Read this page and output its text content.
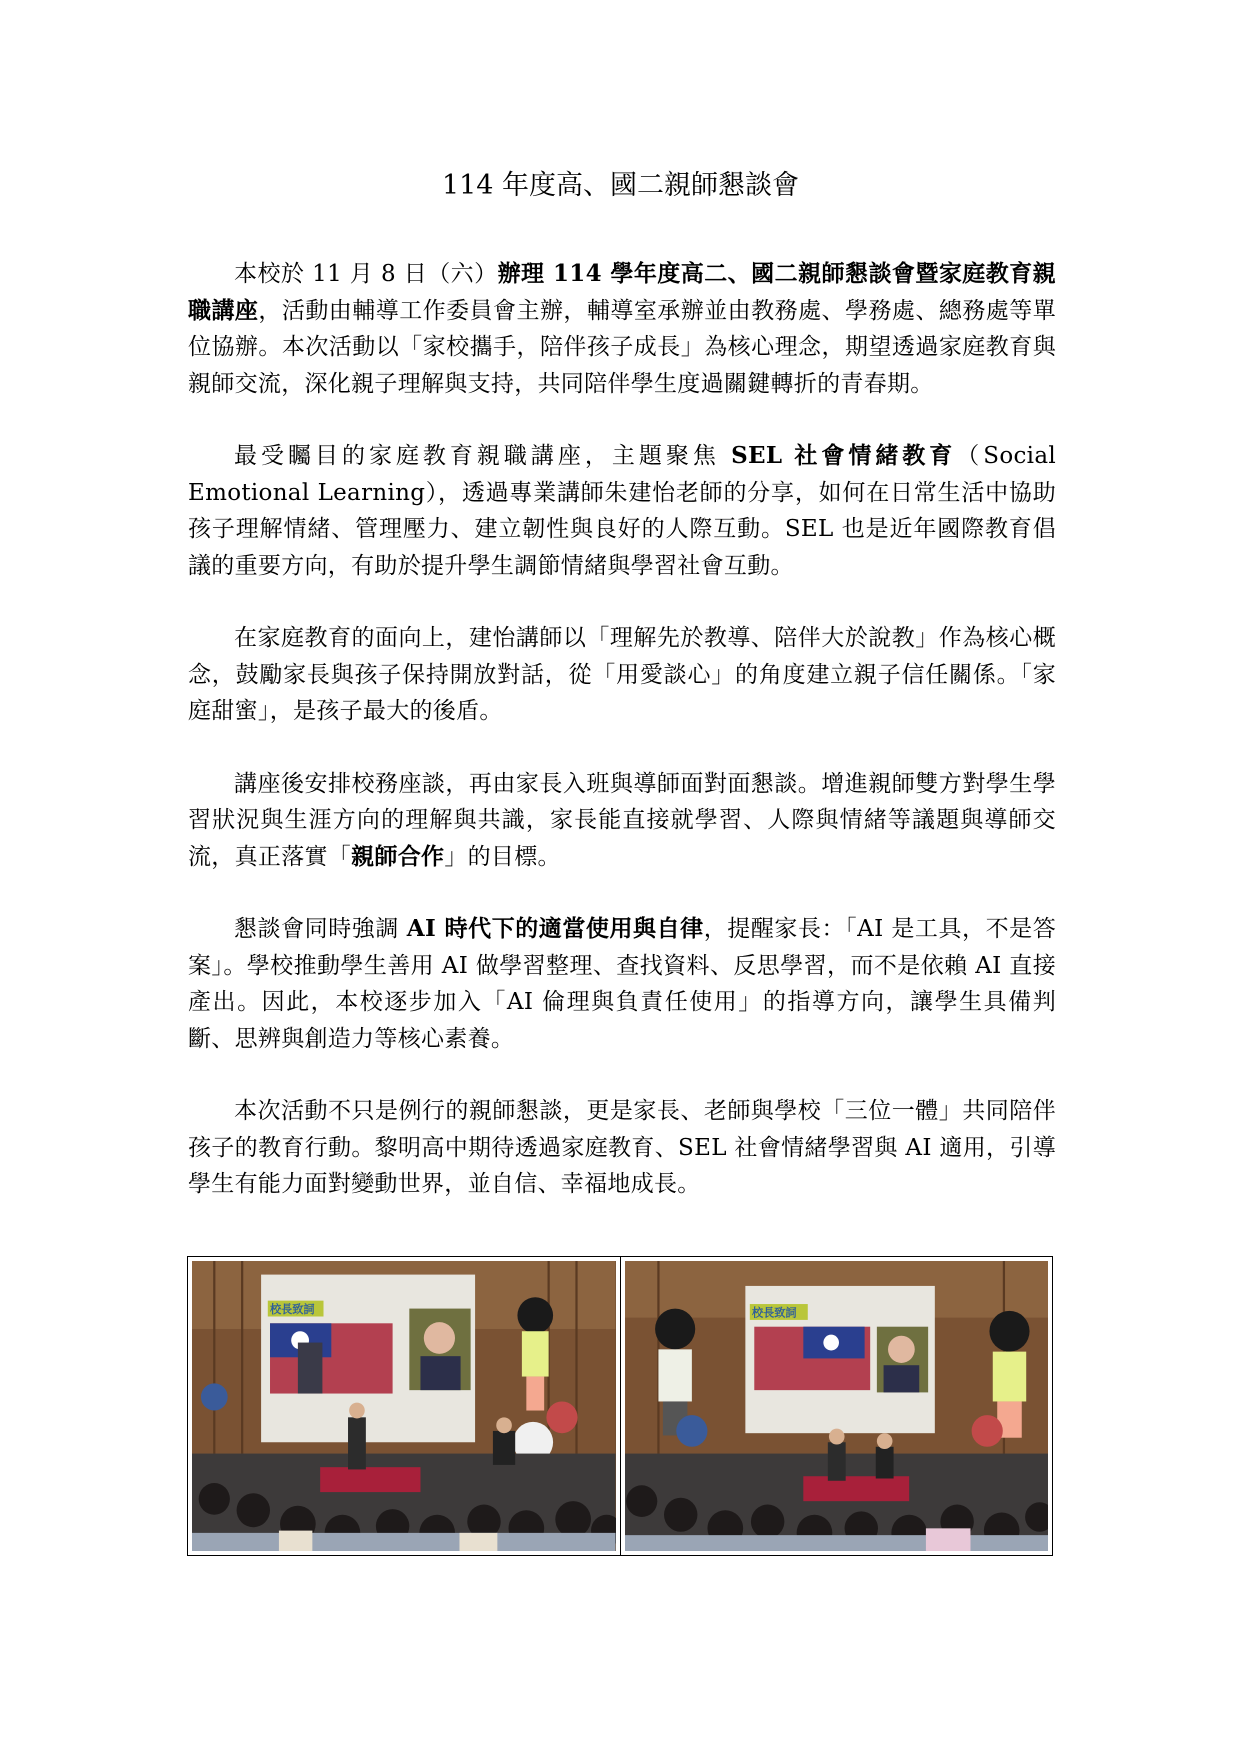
114 年度高、國二親師懇談會

本校於 11 月 8 日（六）辦理 114 學年度高二、國二親師懇談會暨家庭教育親職講座，活動由輔導工作委員會主辦，輔導室承辦並由教務處、學務處、總務處等單位協辦。本次活動以「家校攜手，陪伴孩子成長」為核心理念，期望透過家庭教育與親師交流，深化親子理解與支持，共同陪伴學生度過關鍵轉折的青春期。

最受矚目的家庭教育親職講座，主題聚焦 SEL 社會情緒教育（Social Emotional Learning），透過專業講師朱建怡老師的分享，如何在日常生活中協助孩子理解情緒、管理壓力、建立韌性與良好的人際互動。SEL 也是近年國際教育倡議的重要方向，有助於提升學生調節情緒與學習社會互動。

在家庭教育的面向上，建怡講師以「理解先於教導、陪伴大於說教」作為核心概念，鼓勵家長與孩子保持開放對話，從「用愛談心」的角度建立親子信任關係。「家庭甜蜜」，是孩子最大的後盾。

講座後安排校務座談，再由家長入班與導師面對面懇談。增進親師雙方對學生學習狀況與生涯方向的理解與共識，家長能直接就學習、人際與情緒等議題與導師交流，真正落實「親師合作」的目標。

懇談會同時強調 AI 時代下的適當使用與自律，提醒家長：「AI 是工具，不是答案」。學校推動學生善用 AI 做學習整理、查找資料、反思學習，而不是依賴 AI 直接產出。因此，本校逐步加入「AI 倫理與負責任使用」的指導方向，讓學生具備判斷、思辨與創造力等核心素養。

本次活動不只是例行的親師懇談，更是家長、老師與學校「三位一體」共同陪伴孩子的教育行動。黎明高中期待透過家庭教育、SEL 社會情緒學習與 AI 適用，引導學生有能力面對變動世界，並自信、幸福地成長。

校長致詞	校長致詞
